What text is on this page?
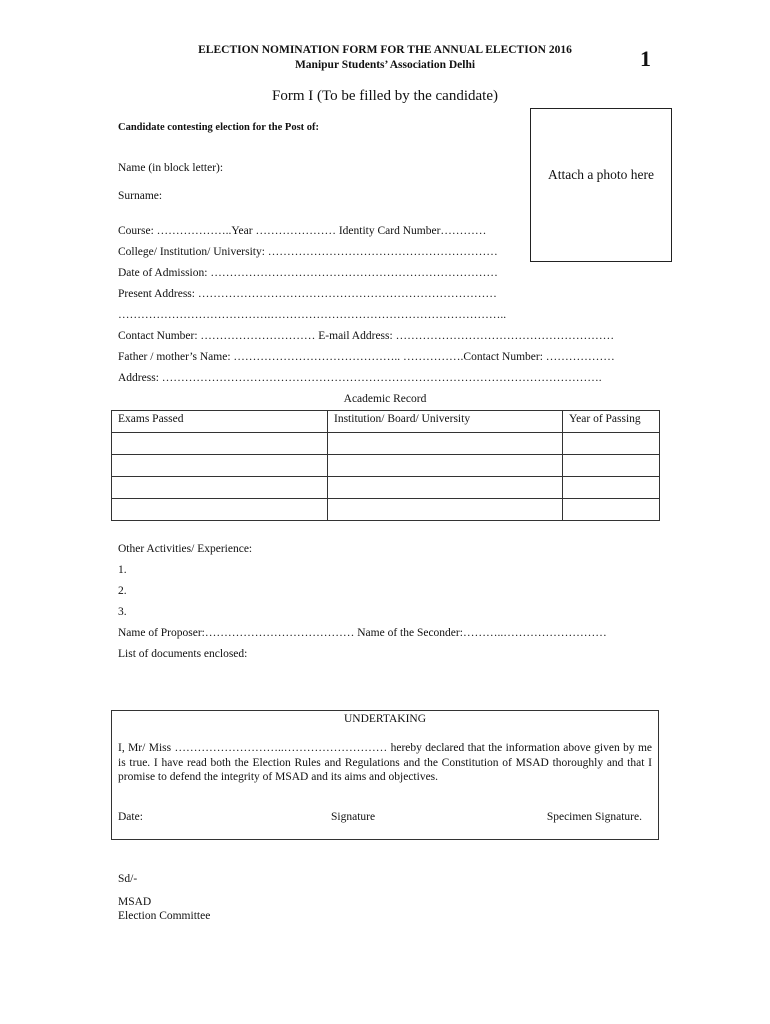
ELECTION NOMINATION FORM FOR THE ANNUAL ELECTION 2016
Manipur Students’ Association Delhi	1
Form I (To be filled by the candidate)
Candidate contesting election for the Post of:
Attach a photo here
Name (in block letter):
Surname:
Course: ………………..Year ………………… Identity Card Number…………
College/ Institution/ University: ……………………………………………………
Date of Admission: …………………………………………………………………
Present Address: ……………………………………………………………………
………………………………….……………………………………………………..
Contact Number: ………………………… E-mail Address: …………………………………………………
Father / mother’s Name: …………………………………….. …………….Contact Number: ………………
Address: …………………………………………………………………………………………………….
Academic Record
Exams Passed	Institution/ Board/ University	Year of Passing

Other Activities/ Experience:
1.
2.
3.
Name of Proposer:………………………………… Name of the Seconder:………..………………………
List of documents enclosed:
UNDERTAKING
I, Mr/ Miss ………………………..……………………… hereby declared that the information above given by me is true. I have read both the Election Rules and Regulations and the Constitution of MSAD thoroughly and that I promise to defend the integrity of MSAD and its aims and objectives.
Date:	Signature	Specimen Signature.
Sd/-
MSAD
Election Committee
